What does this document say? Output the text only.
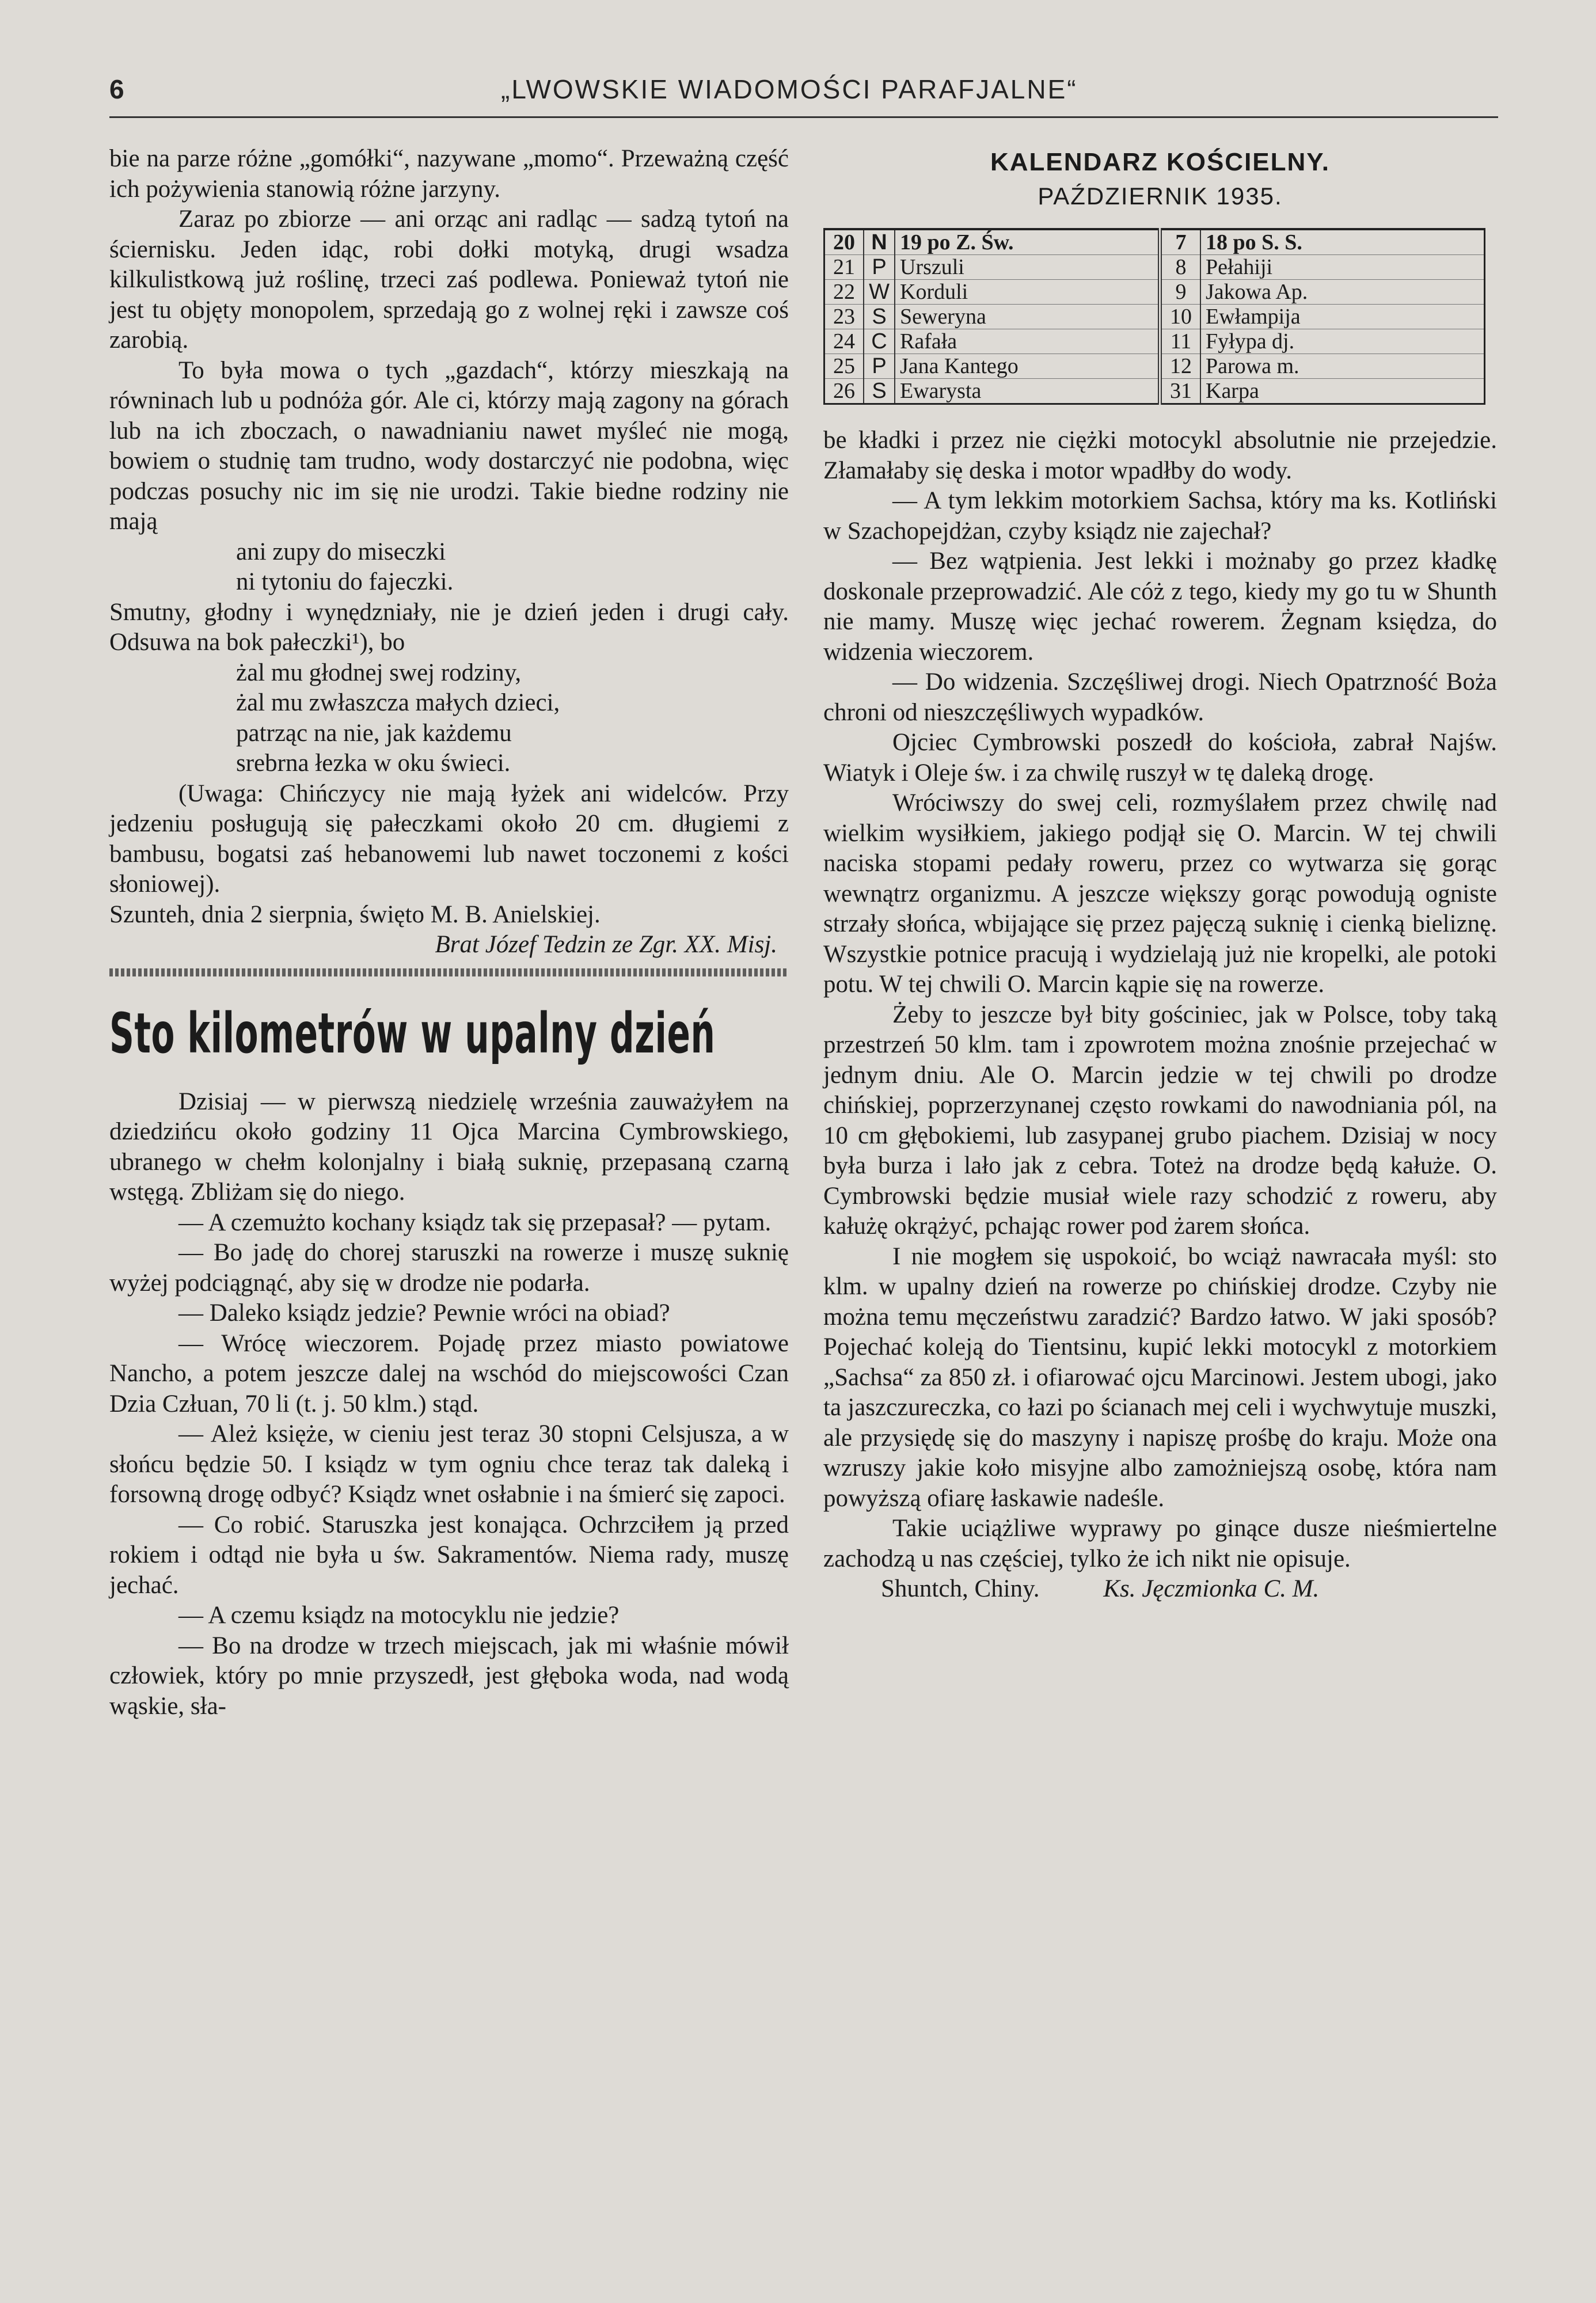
6	„LWOWSKIE WIADOMOŚCI PARAFJALNE“

bie na parze różne „gomółki“, nazywane „momo“. Przeważną część ich pożywienia stanowią różne jarzyny.

Zaraz po zbiorze — ani orząc ani radląc — sadzą tytoń na ściernisku. Jeden idąc, robi dołki motyką, drugi wsadza kilkulistkową już roślinę, trzeci zaś podlewa. Ponieważ tytoń nie jest tu objęty monopolem, sprzedają go z wolnej ręki i zawsze coś zarobią.

To była mowa o tych „gazdach“, którzy mieszkają na równinach lub u podnóża gór. Ale ci, którzy mają zagony na górach lub na ich zboczach, o nawadnianiu nawet myśleć nie mogą, bowiem o studnię tam trudno, wody dostarczyć nie podobna, więc podczas posuchy nic im się nie urodzi. Takie biedne rodziny nie mają

ani zupy do miseczki
ni tytoniu do fajeczki.

Smutny, głodny i wynędzniały, nie je dzień jeden i drugi cały. Odsuwa na bok pałeczki¹), bo

żal mu głodnej swej rodziny,
żal mu zwłaszcza małych dzieci,
patrząc na nie, jak każdemu
srebrna łezka w oku świeci.

(Uwaga: Chińczycy nie mają łyżek ani widelców. Przy jedzeniu posługują się pałeczkami około 20 cm. długiemi z bambusu, bogatsi zaś hebanowemi lub nawet toczonemi z kości słoniowej).

Szunteh, dnia 2 sierpnia, święto M. B. Anielskiej.

Brat Józef Tedzin ze Zgr. XX. Misj.

Sto kilometrów w upalny dzień

Dzisiaj — w pierwszą niedzielę września zauważyłem na dziedzińcu około godziny 11 Ojca Marcina Cymbrowskiego, ubranego w chełm kolonjalny i białą suknię, przepasaną czarną wstęgą. Zbliżam się do niego.

— A czemużto kochany ksiądz tak się przepasał? — pytam.

— Bo jadę do chorej staruszki na rowerze i muszę suknię wyżej podciągnąć, aby się w drodze nie podarła.

— Daleko ksiądz jedzie? Pewnie wróci na obiad?

— Wrócę wieczorem. Pojadę przez miasto powiatowe Nancho, a potem jeszcze dalej na wschód do miejscowości Czan Dzia Człuan, 70 li (t. j. 50 klm.) stąd.

— Ależ księże, w cieniu jest teraz 30 stopni Celsjusza, a w słońcu będzie 50. I ksiądz w tym ogniu chce teraz tak daleką i forsowną drogę odbyć? Ksiądz wnet osłabnie i na śmierć się zapoci.

— Co robić. Staruszka jest konająca. Ochrzciłem ją przed rokiem i odtąd nie była u św. Sakramentów. Niema rady, muszę jechać.

— A czemu ksiądz na motocyklu nie jedzie?

— Bo na drodze w trzech miejscach, jak mi właśnie mówił człowiek, który po mnie przyszedł, jest głęboka woda, nad wodą wąskie, sła-

KALENDARZ KOŚCIELNY.
PAŹDZIERNIK 1935.
20	N	19 po Z. Św.	7	18 po S. S.
21	P	Urszuli	8	Pełahiji
22	W	Korduli	9	Jakowa Ap.
23	S	Seweryna	10	Ewłampija
24	C	Rafała	11	Fyłypa dj.
25	P	Jana Kantego	12	Parowa m.
26	S	Ewarysta	31	Karpa

be kładki i przez nie ciężki motocykl absolutnie nie przejedzie. Złamałaby się deska i motor wpadłby do wody.

— A tym lekkim motorkiem Sachsa, który ma ks. Kotliński w Szachopejdżan, czyby ksiądz nie zajechał?

— Bez wątpienia. Jest lekki i możnaby go przez kładkę doskonale przeprowadzić. Ale cóż z tego, kiedy my go tu w Shunth nie mamy. Muszę więc jechać rowerem. Żegnam księdza, do widzenia wieczorem.

— Do widzenia. Szczęśliwej drogi. Niech Opatrzność Boża chroni od nieszczęśliwych wypadków.

Ojciec Cymbrowski poszedł do kościoła, zabrał Najśw. Wiatyk i Oleje św. i za chwilę ruszył w tę daleką drogę.

Wróciwszy do swej celi, rozmyślałem przez chwilę nad wielkim wysiłkiem, jakiego podjął się O. Marcin. W tej chwili naciska stopami pedały roweru, przez co wytwarza się gorąc wewnątrz organizmu. A jeszcze większy gorąc powodują ogniste strzały słońca, wbijające się przez pajęczą suknię i cienką bieliznę. Wszystkie potnice pracują i wydzielają już nie kropelki, ale potoki potu. W tej chwili O. Marcin kąpie się na rowerze.

Żeby to jeszcze był bity gościniec, jak w Polsce, toby taką przestrzeń 50 klm. tam i zpowrotem można znośnie przejechać w jednym dniu. Ale O. Marcin jedzie w tej chwili po drodze chińskiej, poprzerzynanej często rowkami do nawodniania pól, na 10 cm głębokiemi, lub zasypanej grubo piachem. Dzisiaj w nocy była burza i lało jak z cebra. Toteż na drodze będą kałuże. O. Cymbrowski będzie musiał wiele razy schodzić z roweru, aby kałużę okrążyć, pchając rower pod żarem słońca.

I nie mogłem się uspokoić, bo wciąż nawracała myśl: sto klm. w upalny dzień na rowerze po chińskiej drodze. Czyby nie można temu męczeństwu zaradzić? Bardzo łatwo. W jaki sposób? Pojechać koleją do Tientsinu, kupić lekki motocykl z motorkiem „Sachsa“ za 850 zł. i ofiarować ojcu Marcinowi. Jestem ubogi, jako ta jaszczureczka, co łazi po ścianach mej celi i wychwytuje muszki, ale przysiędę się do maszyny i napiszę prośbę do kraju. Może ona wzruszy jakie koło misyjne albo zamożniejszą osobę, która nam powyższą ofiarę łaskawie nadeśle.

Takie uciążliwe wyprawy po ginące dusze nieśmiertelne zachodzą u nas częściej, tylko że ich nikt nie opisuje.

Shuntch, Chiny.	Ks. Jęczmionka C. M.
